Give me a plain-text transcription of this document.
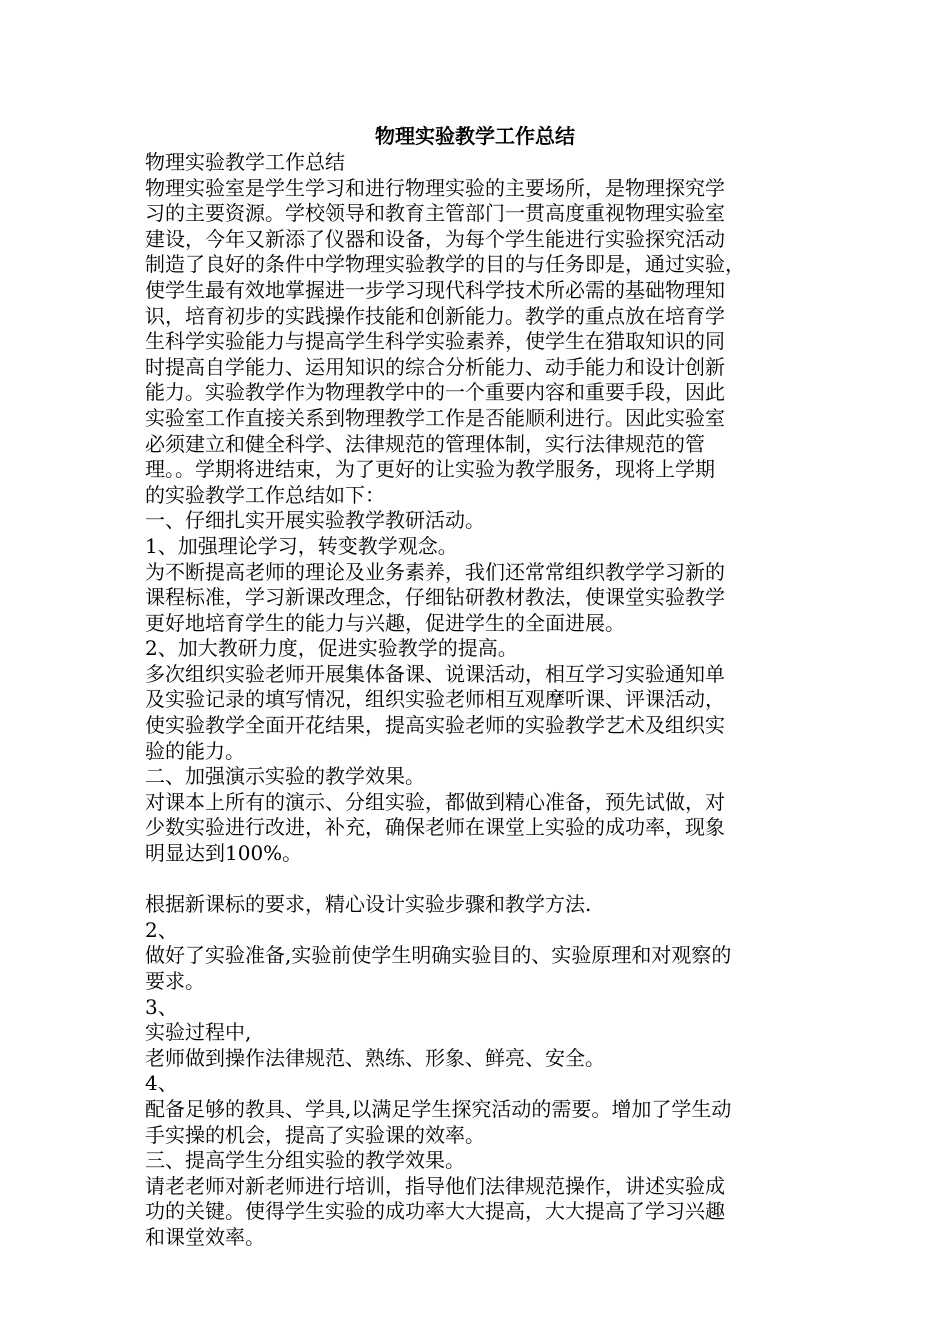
物理实验教学工作总结
物理实验教学工作总结
物理实验室是学生学习和进行物理实验的主要场所，是物理探究学
习的主要资源。学校领导和教育主管部门一贯高度重视物理实验室
建设，今年又新添了仪器和设备，为每个学生能进行实验探究活动
制造了良好的条件中学物理实验教学的目的与任务即是，通过实验，
使学生最有效地掌握进一步学习现代科学技术所必需的基础物理知
识，培育初步的实践操作技能和创新能力。教学的重点放在培育学
生科学实验能力与提高学生科学实验素养，使学生在猎取知识的同
时提高自学能力、运用知识的综合分析能力、动手能力和设计创新
能力。实验教学作为物理教学中的一个重要内容和重要手段，因此
实验室工作直接关系到物理教学工作是否能顺利进行。因此实验室
必须建立和健全科学、法律规范的管理体制，实行法律规范的管
理。。学期将进结束，为了更好的让实验为教学服务，现将上学期
的实验教学工作总结如下：
一、仔细扎实开展实验教学教研活动。
1、加强理论学习，转变教学观念。
为不断提高老师的理论及业务素养，我们还常常组织教学学习新的
课程标准，学习新课改理念，仔细钻研教材教法，使课堂实验教学
更好地培育学生的能力与兴趣，促进学生的全面进展。
2、加大教研力度，促进实验教学的提高。
多次组织实验老师开展集体备课、说课活动，相互学习实验通知单
及实验记录的填写情况，组织实验老师相互观摩听课、评课活动，
使实验教学全面开花结果，提高实验老师的实验教学艺术及组织实
验的能力。
二、加强演示实验的教学效果。
对课本上所有的演示、分组实验，都做到精心准备，预先试做，对
少数实验进行改进，补充，确保老师在课堂上实验的成功率，现象
明显达到100%。
根据新课标的要求，精心设计实验步骤和教学方法.
2、
做好了实验准备,实验前使学生明确实验目的、实验原理和对观察的
要求。
3、
实验过程中,
老师做到操作法律规范、熟练、形象、鲜亮、安全。
4、
配备足够的教具、学具,以满足学生探究活动的需要。增加了学生动
手实操的机会，提高了实验课的效率。
三、提高学生分组实验的教学效果。
请老老师对新老师进行培训，指导他们法律规范操作，讲述实验成
功的关键。使得学生实验的成功率大大提高，大大提高了学习兴趣
和课堂效率。
